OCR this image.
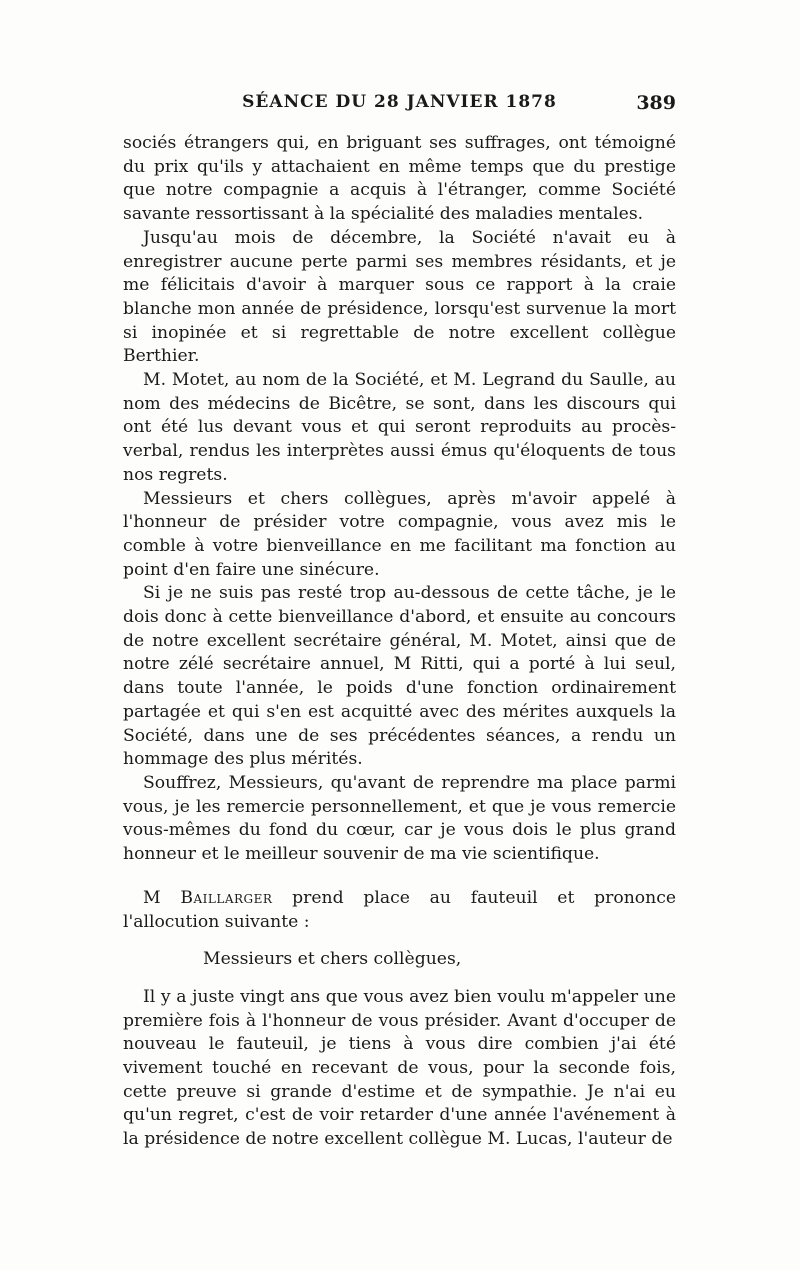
SÉANCE DU 28 JANVIER 1878	389

sociés étrangers qui, en briguant ses suffrages, ont témoigné du prix qu'ils y attachaient en même temps que du prestige que notre compagnie a acquis à l'étranger, comme Société savante ressortissant à la spécialité des maladies mentales.

Jusqu'au mois de décembre, la Société n'avait eu à enregistrer aucune perte parmi ses membres résidants, et je me félicitais d'avoir à marquer sous ce rapport à la craie blanche mon année de présidence, lorsqu'est survenue la mort si inopinée et si regrettable de notre excellent collègue Berthier.

M. Motet, au nom de la Société, et M. Legrand du Saulle, au nom des médecins de Bicêtre, se sont, dans les discours qui ont été lus devant vous et qui seront reproduits au procès-verbal, rendus les interprètes aussi émus qu'éloquents de tous nos regrets.

Messieurs et chers collègues, après m'avoir appelé à l'honneur de présider votre compagnie, vous avez mis le comble à votre bienveillance en me facilitant ma fonction au point d'en faire une sinécure.

Si je ne suis pas resté trop au-dessous de cette tâche, je le dois donc à cette bienveillance d'abord, et ensuite au concours de notre excellent secrétaire général, M. Motet, ainsi que de notre zélé secrétaire annuel, M Ritti, qui a porté à lui seul, dans toute l'année, le poids d'une fonction ordinairement partagée et qui s'en est acquitté avec des mérites auxquels la Société, dans une de ses précédentes séances, a rendu un hommage des plus mérités.

Souffrez, Messieurs, qu'avant de reprendre ma place parmi vous, je les remercie personnellement, et que je vous remercie vous-mêmes du fond du cœur, car je vous dois le plus grand honneur et le meilleur souvenir de ma vie scientifique.

M Baillarger prend place au fauteuil et prononce l'allocution suivante :

Messieurs et chers collègues,

Il y a juste vingt ans que vous avez bien voulu m'appeler une première fois à l'honneur de vous présider. Avant d'occuper de nouveau le fauteuil, je tiens à vous dire combien j'ai été vivement touché en recevant de vous, pour la seconde fois, cette preuve si grande d'estime et de sympathie. Je n'ai eu qu'un regret, c'est de voir retarder d'une année l'avénement à la présidence de notre excellent collègue M. Lucas, l'auteur de
